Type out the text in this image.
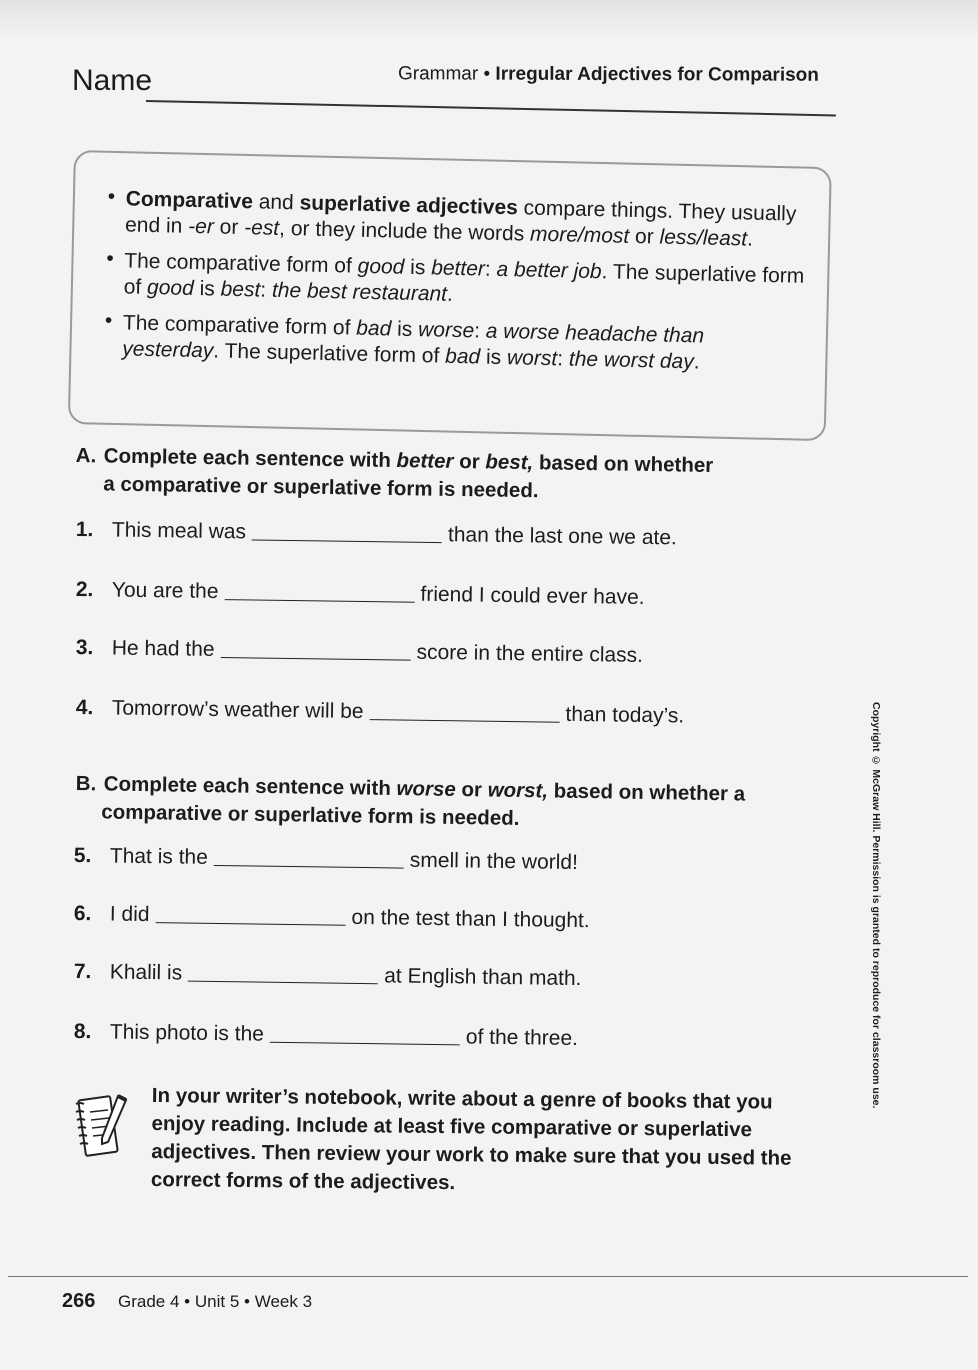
Name	Grammar • Irregular Adjectives for Comparison
• Comparative and superlative adjectives compare things. They usually end in -er or -est, or they include the words more/most or less/least.
• The comparative form of good is better: a better job. The superlative form of good is best: the best restaurant.
• The comparative form of bad is worse: a worse headache than yesterday. The superlative form of bad is worst: the worst day.
A. Complete each sentence with better or best, based on whether
a comparative or superlative form is needed.
1. This meal was	than the last one we ate.
2. You are the	friend I could ever have.
3. He had the	score in the entire class.
4. Tomorrow’s weather will be	than today’s.
B. Complete each sentence with worse or worst, based on whether a
comparative or superlative form is needed.
5. That is the	smell in the world!
6. I did	on the test than I thought.
7. Khalil is	at English than math.
8. This photo is the	of the three.
In your writer’s notebook, write about a genre of books that you enjoy reading. Include at least five comparative or superlative adjectives. Then review your work to make sure that you used the correct forms of the adjectives.
Copyright © McGraw Hill. Permission is granted to reproduce for classroom use.
266 Grade 4 • Unit 5 • Week 3
